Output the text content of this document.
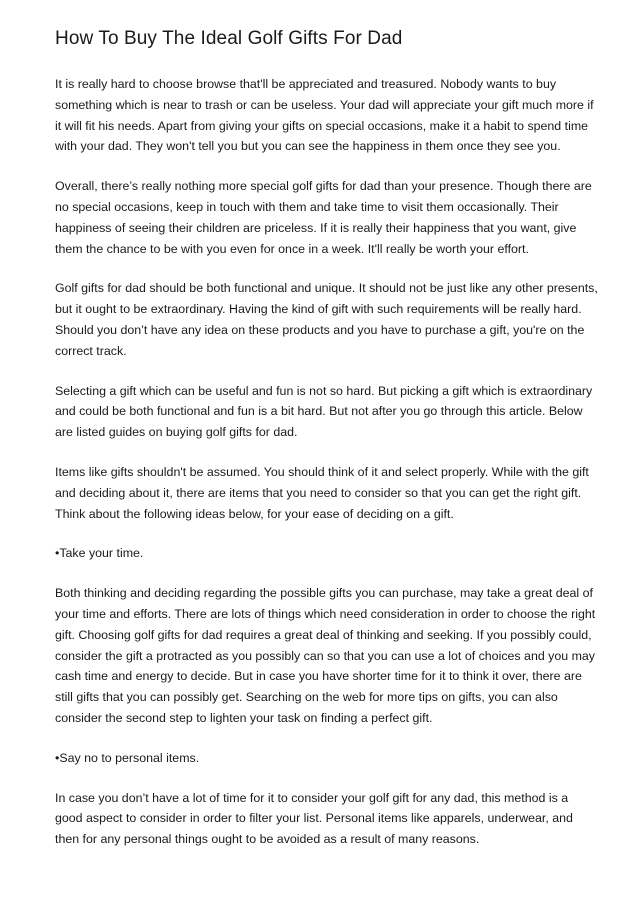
How To Buy The Ideal Golf Gifts For Dad

It is really hard to choose browse that'll be appreciated and treasured. Nobody wants to buy something which is near to trash or can be useless. Your dad will appreciate your gift much more if it will fit his needs. Apart from giving your gifts on special occasions, make it a habit to spend time with your dad. They won't tell you but you can see the happiness in them once they see you.

Overall, there’s really nothing more special golf gifts for dad than your presence. Though there are no special occasions, keep in touch with them and take time to visit them occasionally. Their happiness of seeing their children are priceless. If it is really their happiness that you want, give them the chance to be with you even for once in a week. It'll really be worth your effort.

Golf gifts for dad should be both functional and unique. It should not be just like any other presents, but it ought to be extraordinary. Having the kind of gift with such requirements will be really hard. Should you don’t have any idea on these products and you have to purchase a gift, you're on the correct track.

Selecting a gift which can be useful and fun is not so hard. But picking a gift which is extraordinary and could be both functional and fun is a bit hard. But not after you go through this article. Below are listed guides on buying golf gifts for dad.

Items like gifts shouldn't be assumed. You should think of it and select properly. While with the gift and deciding about it, there are items that you need to consider so that you can get the right gift. Think about the following ideas below, for your ease of deciding on a gift.

•Take your time.

Both thinking and deciding regarding the possible gifts you can purchase, may take a great deal of your time and efforts. There are lots of things which need consideration in order to choose the right gift. Choosing golf gifts for dad requires a great deal of thinking and seeking. If you possibly could, consider the gift a protracted as you possibly can so that you can use a lot of choices and you may cash time and energy to decide. But in case you have shorter time for it to think it over, there are still gifts that you can possibly get. Searching on the web for more tips on gifts, you can also consider the second step to lighten your task on finding a perfect gift.

•Say no to personal items.

In case you don’t have a lot of time for it to consider your golf gift for any dad, this method is a good aspect to consider in order to filter your list. Personal items like apparels, underwear, and then for any personal things ought to be avoided as a result of many reasons.
